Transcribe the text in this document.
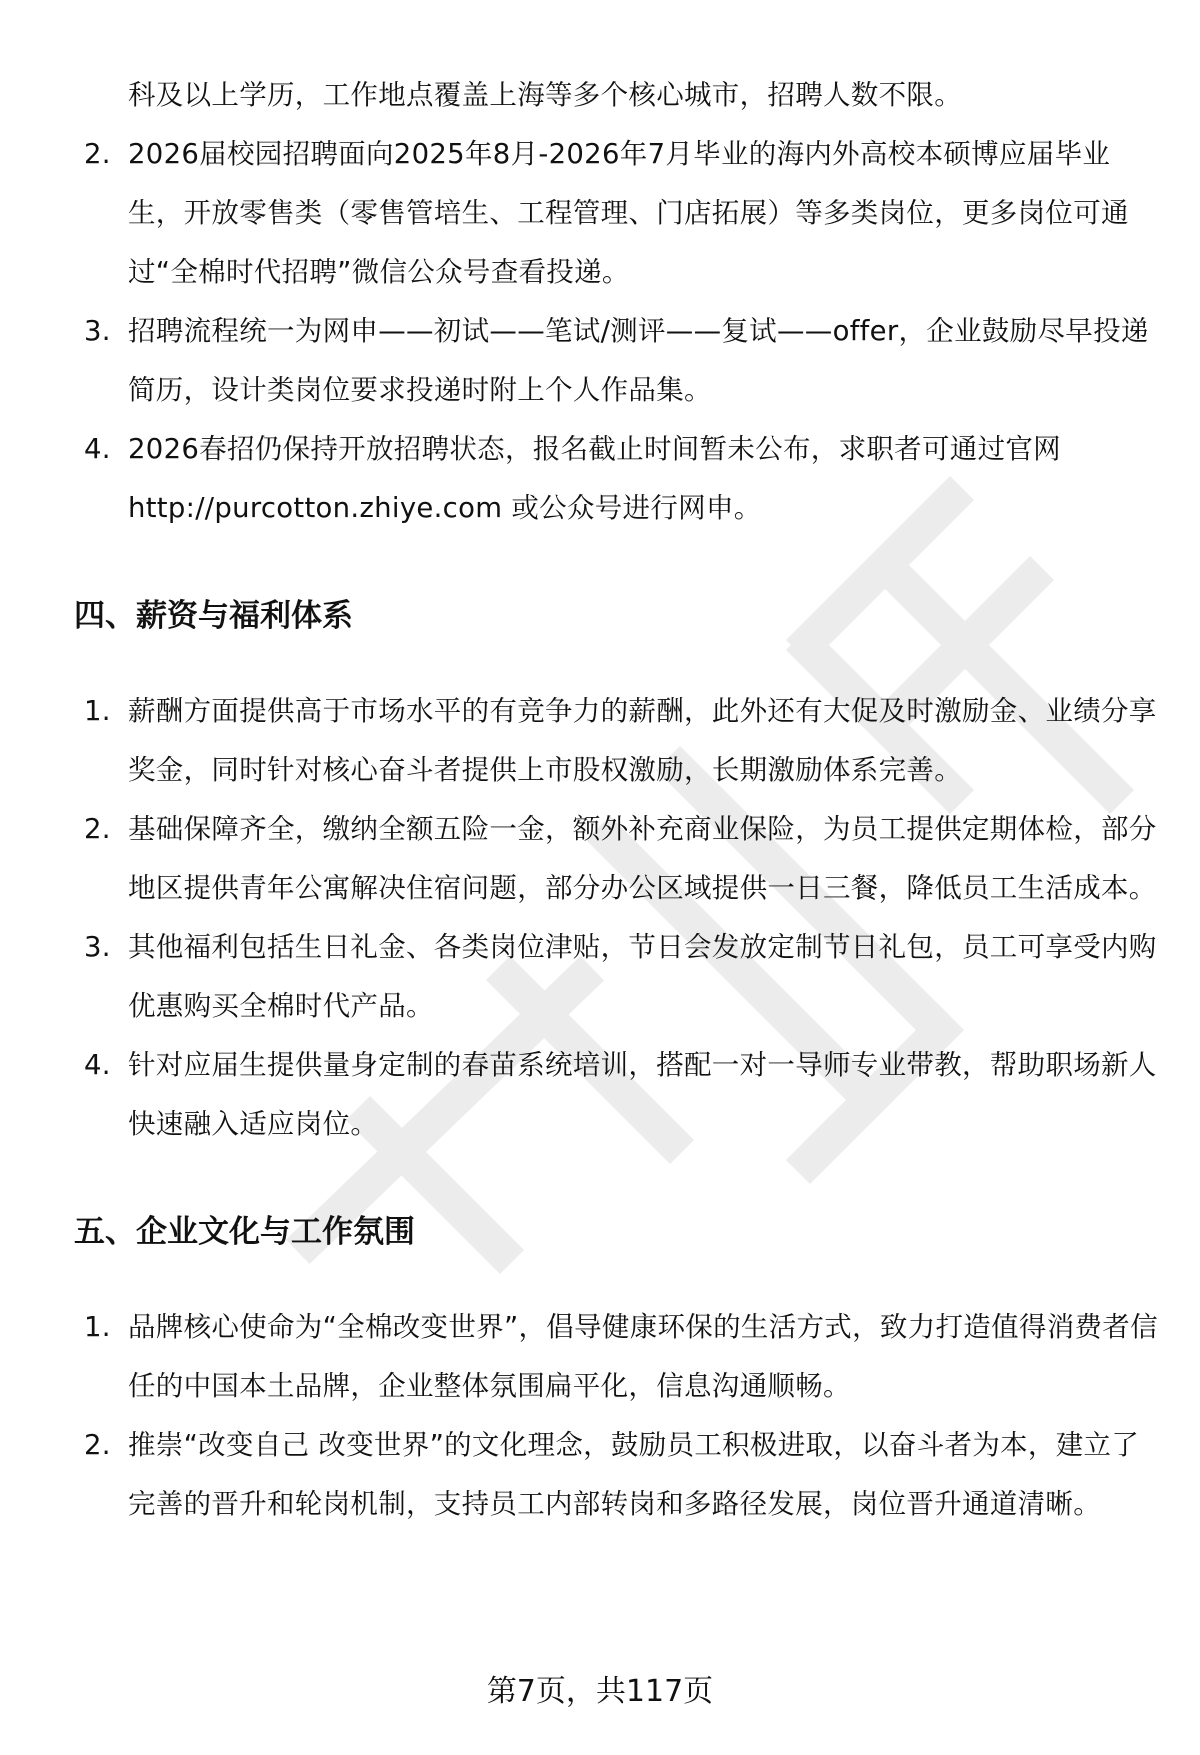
科及以上学历，工作地点覆盖上海等多个核心城市，招聘人数不限。
2. 2026届校园招聘面向2025年8月-2026年7月毕业的海内外高校本硕博应届毕业生，开放零售类（零售管培生、工程管理、门店拓展）等多类岗位，更多岗位可通过“全棉时代招聘”微信公众号查看投递。
3. 招聘流程统一为网申——初试——笔试/测评——复试——offer，企业鼓励尽早投递简历，设计类岗位要求投递时附上个人作品集。
4. 2026春招仍保持开放招聘状态，报名截止时间暂未公布，求职者可通过官网 http://purcotton.zhiye.com 或公众号进行网申。
四、薪资与福利体系
1. 薪酬方面提供高于市场水平的有竞争力的薪酬，此外还有大促及时激励金、业绩分享奖金，同时针对核心奋斗者提供上市股权激励，长期激励体系完善。
2. 基础保障齐全，缴纳全额五险一金，额外补充商业保险，为员工提供定期体检，部分地区提供青年公寓解决住宿问题，部分办公区域提供一日三餐，降低员工生活成本。
3. 其他福利包括生日礼金、各类岗位津贴，节日会发放定制节日礼包，员工可享受内购优惠购买全棉时代产品。
4. 针对应届生提供量身定制的春苗系统培训，搭配一对一导师专业带教，帮助职场新人快速融入适应岗位。
五、企业文化与工作氛围
1. 品牌核心使命为“全棉改变世界”，倡导健康环保的生活方式，致力打造值得消费者信任的中国本土品牌，企业整体氛围扁平化，信息沟通顺畅。
2. 推崇“改变自己 改变世界”的文化理念，鼓励员工积极进取，以奋斗者为本，建立了完善的晋升和轮岗机制，支持员工内部转岗和多路径发展，岗位晋升通道清晰。
第7页，共117页
